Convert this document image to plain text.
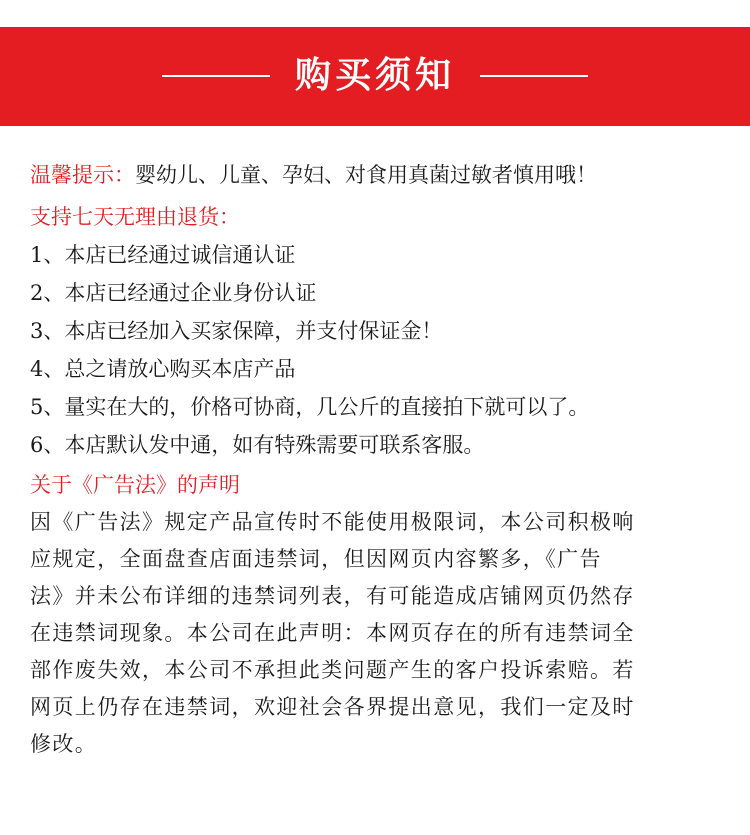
购买须知
温馨提示：婴幼儿、儿童、孕妇、对食用真菌过敏者慎用哦！
支持七天无理由退货：
1、本店已经通过诚信通认证
2、本店已经通过企业身份认证
3、本店已经加入买家保障，并支付保证金！
4、总之请放心购买本店产品
5、量实在大的，价格可协商，几公斤的直接拍下就可以了。
6、本店默认发中通，如有特殊需要可联系客服。
关于《广告法》的声明
因《广告法》规定产品宣传时不能使用极限词，本公司积极响
应规定，全面盘查店面违禁词，但因网页内容繁多，《广告
法》并未公布详细的违禁词列表，有可能造成店铺网页仍然存
在违禁词现象。本公司在此声明：本网页存在的所有违禁词全
部作废失效，本公司不承担此类问题产生的客户投诉索赔。若
网页上仍存在违禁词，欢迎社会各界提出意见，我们一定及时
修改。
